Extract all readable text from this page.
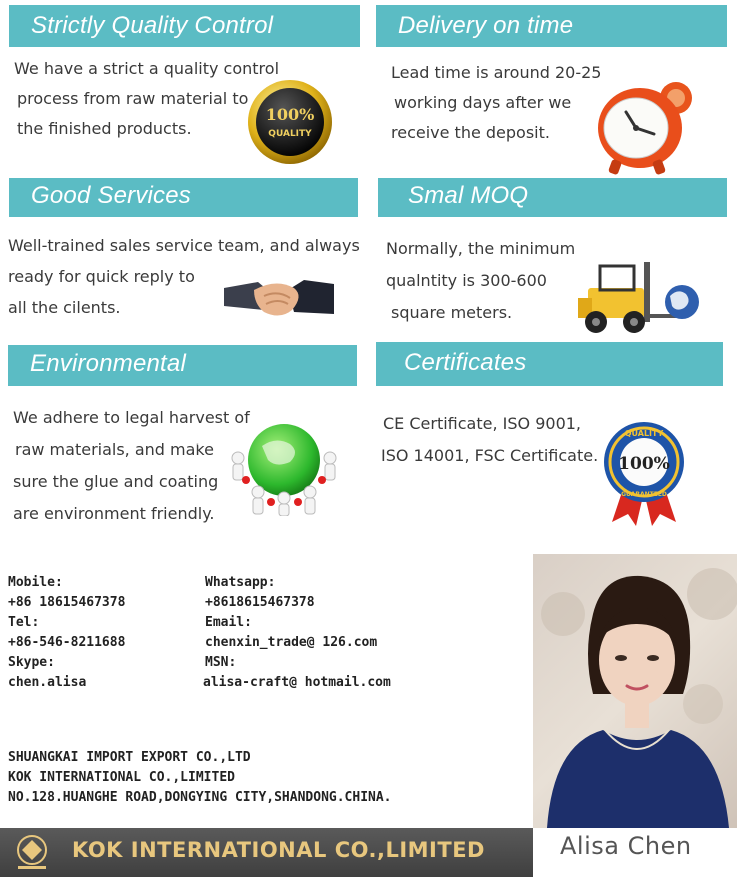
Strictly Quality Control	Delivery on time
We have a strict a quality control
process from raw material to
the finished products.
100%
QUALITY
Lead time is around 20-25
working days after we
receive the deposit.
Good Services	Smal MOQ
Well-trained sales service team, and always
ready for quick reply to
all the cilents.
Normally, the minimum
qualntity is 300-600
square meters.
Environmental	Certificates
We adhere to legal harvest of
raw materials, and make
sure the glue and coating
are environment friendly.
er.en
CE Certificate, ISO 9001,
ISO 14001, FSC Certificate. 100%
QUALITY
GUARANTEED
Mobile:
+86 18615467378
Tel:
+86-546-8211688
Skype:
chen.alisa
Whatsapp:
+8618615467378
Email:
chenxin_trade@ 126.com
MSN:
alisa-craft@ hotmail.com
SHUANGKAI IMPORT EXPORT CO.,LTD
KOK INTERNATIONAL CO.,LIMITED
NO.128.HUANGHE ROAD,DONGYING CITY,SHANDONG.CHINA.
KOK INTERNATIONAL CO.,LIMITED	Alisa Chen
